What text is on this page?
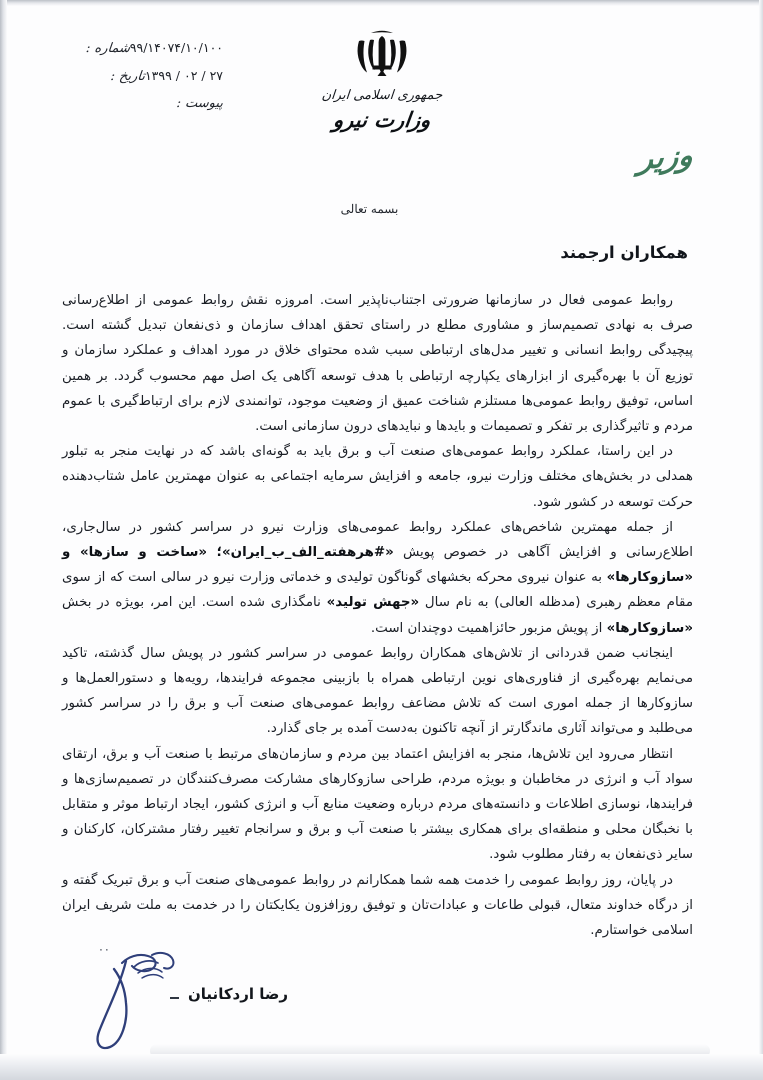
۹۹/۱۴۰۷۴/۱۰/۱۰۰
شماره :
۱۳۹۹ / ۰۲ / ۲۷
تاریخ :
پیوست :
جمهوری اسلامی ایران
وزارت نیرو
وزیر
بسمه تعالی
همکاران ارجمند

روابط عمومی فعال در سازمانها ضرورتی اجتناب‌ناپذیر است. امروزه نقش روابط عمومی از اطلاع‌رسانی صرف به نهادی تصمیم‌ساز و مشاوری مطلع در راستای تحقق اهداف سازمان و ذی‌نفعان تبدیل گشته است. پیچیدگی روابط انسانی و تغییر مدل‌های ارتباطی سبب شده محتوای خلاق در مورد اهداف و عملکرد سازمان و توزیع آن با بهره‌گیری از ابزارهای یکپارچه ارتباطی با هدف توسعه آگاهی یک اصل مهم محسوب گردد. بر همین اساس، توفیق روابط عمومی‌ها مستلزم شناخت عمیق از وضعیت موجود، توانمندی لازم برای ارتباط‌گیری با عموم مردم و تاثیرگذاری بر تفکر و تصمیمات و بایدها و نبایدهای درون سازمانی است.

در این راستا، عملکرد روابط عمومی‌های صنعت آب و برق باید به گونه‌ای باشد که در نهایت منجر به تبلور همدلی در بخش‌های مختلف وزارت نیرو، جامعه و افزایش سرمایه اجتماعی به عنوان مهمترین عامل شتاب‌دهنده حرکت توسعه در کشور شود.

از جمله مهمترین شاخص‌های عملکرد روابط عمومی‌های وزارت نیرو در سراسر کشور در سال‌جاری، اطلاع‌رسانی و افزایش آگاهی در خصوص پویش «#هرهفته_الف_ب_ایران»؛ «ساخت و سازها» و «سازوکارها» به عنوان نیروی محرکه بخشهای گوناگون تولیدی و خدماتی وزارت نیرو در سالی است که از سوی مقام معظم رهبری (مدظله العالی) به نام سال «جهش تولید» نامگذاری شده است. این امر، بویژه در بخش «سازوکارها» از پویش مزبور حائزاهمیت دوچندان است.

اینجانب ضمن قدردانی از تلاش‌های همکاران روابط عمومی در سراسر کشور در پویش سال گذشته، تاکید می‌نمایم بهره‌گیری از فناوری‌های نوین ارتباطی همراه با بازبینی مجموعه فرایندها، رویه‌ها و دستورالعمل‌ها و سازوکارها از جمله اموری است که تلاش مضاعف روابط عمومی‌های صنعت آب و برق را در سراسر کشور می‌طلبد و می‌تواند آثاری ماندگارتر از آنچه تاکنون به‌دست آمده بر جای گذارد.

انتظار می‌رود این تلاش‌ها، منجر به افزایش اعتماد بین مردم و سازمان‌های مرتبط با صنعت آب و برق، ارتقای سواد آب و انرژی در مخاطبان و بویژه مردم، طراحی سازوکارهای مشارکت مصرف‌کنندگان در تصمیم‌سازی‌ها و فرایندها، نوسازی اطلاعات و دانسته‌های مردم درباره وضعیت منابع آب و انرژی کشور، ایجاد ارتباط موثر و متقابل با نخبگان محلی و منطقه‌ای برای همکاری بیشتر با صنعت آب و برق و سرانجام تغییر رفتار مشترکان، کارکنان و سایر ذی‌نفعان به رفتار مطلوب شود.

در پایان، روز روابط عمومی را خدمت همه شما همکارانم در روابط عمومی‌های صنعت آب و برق تبریک گفته و از درگاه خداوند متعال، قبولی طاعات و عبادات‌تان و توفیق روزافزون یکایکتان را در خدمت به ملت شریف ایران اسلامی خواستارم.

٠٠
رضا اردکانیان
